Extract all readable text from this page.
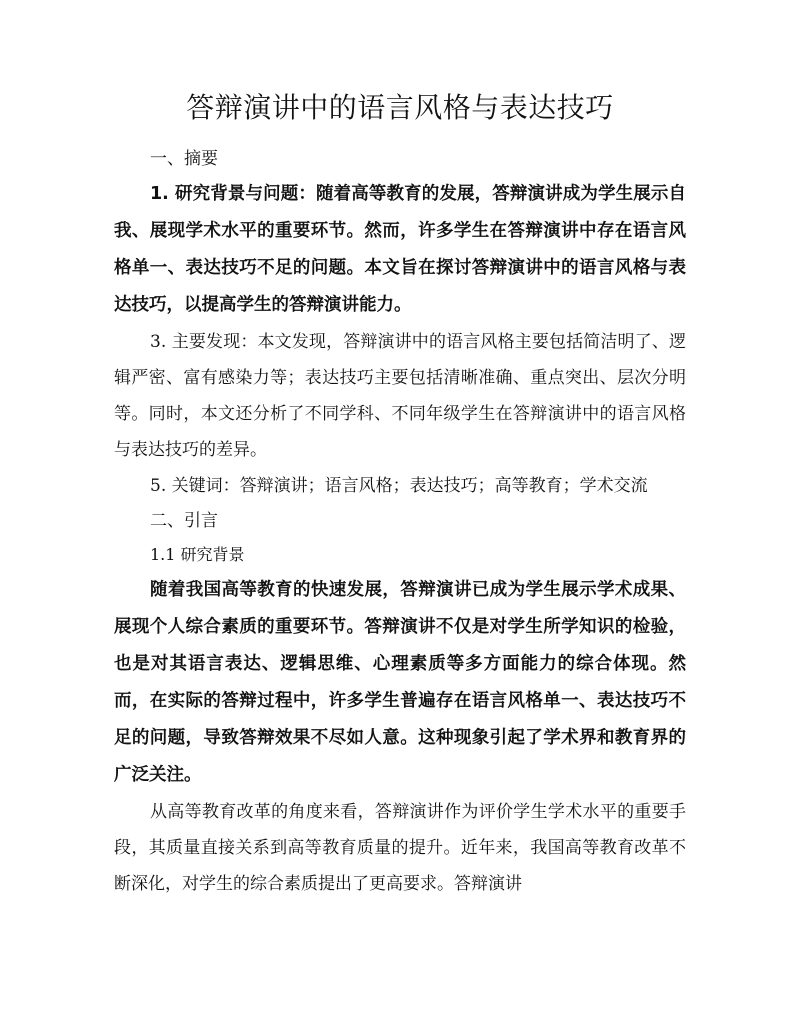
答辩演讲中的语言风格与表达技巧

一、摘要

1. 研究背景与问题：随着高等教育的发展，答辩演讲成为学生展示自我、展现学术水平的重要环节。然而，许多学生在答辩演讲中存在语言风格单一、表达技巧不足的问题。本文旨在探讨答辩演讲中的语言风格与表达技巧，以提高学生的答辩演讲能力。

3. 主要发现：本文发现，答辩演讲中的语言风格主要包括简洁明了、逻辑严密、富有感染力等；表达技巧主要包括清晰准确、重点突出、层次分明等。同时，本文还分析了不同学科、不同年级学生在答辩演讲中的语言风格与表达技巧的差异。

5. 关键词：答辩演讲；语言风格；表达技巧；高等教育；学术交流

二、引言

1.1 研究背景

随着我国高等教育的快速发展，答辩演讲已成为学生展示学术成果、展现个人综合素质的重要环节。答辩演讲不仅是对学生所学知识的检验，也是对其语言表达、逻辑思维、心理素质等多方面能力的综合体现。然而，在实际的答辩过程中，许多学生普遍存在语言风格单一、表达技巧不足的问题，导致答辩效果不尽如人意。这种现象引起了学术界和教育界的广泛关注。

从高等教育改革的角度来看，答辩演讲作为评价学生学术水平的重要手段，其质量直接关系到高等教育质量的提升。近年来，我国高等教育改革不断深化，对学生的综合素质提出了更高要求。答辩演讲
